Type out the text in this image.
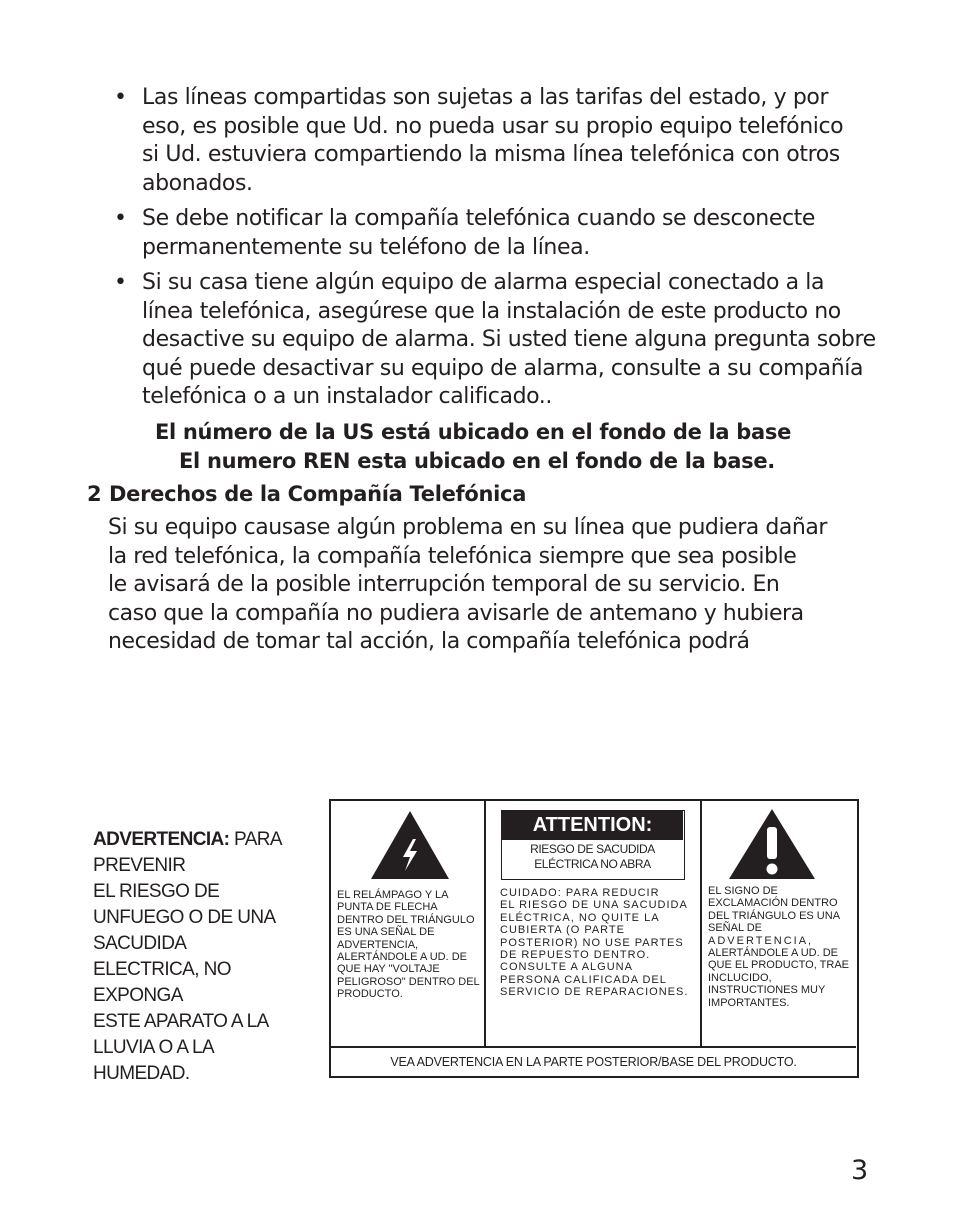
• Las líneas compartidas son sujetas a las tarifas del estado, y por
eso, es posible que Ud. no pueda usar su propio equipo telefónico
si Ud. estuviera compartiendo la misma línea telefónica con otros
abonados.
• Se debe notificar la compañía telefónica cuando se desconecte
permanentemente su teléfono de la línea.
• Si su casa tiene algún equipo de alarma especial conectado a la
línea telefónica, asegúrese que la instalación de este producto no
desactive su equipo de alarma. Si usted tiene alguna pregunta sobre
qué puede desactivar su equipo de alarma, consulte a su compañía
telefónica o a un instalador calificado..
El número de la US está ubicado en el fondo de la base
El numero REN esta ubicado en el fondo de la base.
2 Derechos de la Compañía Telefónica
Si su equipo causase algún problema en su línea que pudiera dañar
la red telefónica, la compañía telefónica siempre que sea posible
le avisará de la posible interrupción temporal de su servicio. En
caso que la compañía no pudiera avisarle de antemano y hubiera
necesidad de tomar tal acción, la compañía telefónica podrá
ADVERTENCIA: PARA
PREVENIR
EL RIESGO DE
UNFUEGO O DE UNA
SACUDIDA
ELECTRICA, NO
EXPONGA
ESTE APARATO A LA
LLUVIA O A LA
HUMEDAD.
EL RELÁMPAGO Y LA
PUNTA DE FLECHA
DENTRO DEL TRIÁNGULO
ES UNA SEÑAL DE
ADVERTENCIA,
ALERTÁNDOLE A UD. DE
QUE HAY "VOLTAJE
PELIGROSO" DENTRO DEL
PRODUCTO.
ATTENTION:
RIESGO DE SACUDIDA
ELÉCTRICA NO ABRA
CUIDADO: PARA REDUCIR
EL RIESGO DE UNA SACUDIDA
ELÉCTRICA, NO QUITE LA
CUBIERTA (O PARTE
POSTERIOR) NO USE PARTES
DE REPUESTO DENTRO.
CONSULTE A ALGUNA
PERSONA CALIFICADA DEL
SERVICIO DE REPARACIONES.
EL SIGNO DE
EXCLAMACIÓN DENTRO
DEL TRIÁNGULO ES UNA
SEÑAL DE
ADVERTENCIA,
ALERTÁNDOLE A UD. DE
QUE EL PRODUCTO, TRAE
INCLUCIDO,
INSTRUCTIONES MUY
IMPORTANTES.
VEA ADVERTENCIA EN LA PARTE POSTERIOR/BASE DEL PRODUCTO.
3
